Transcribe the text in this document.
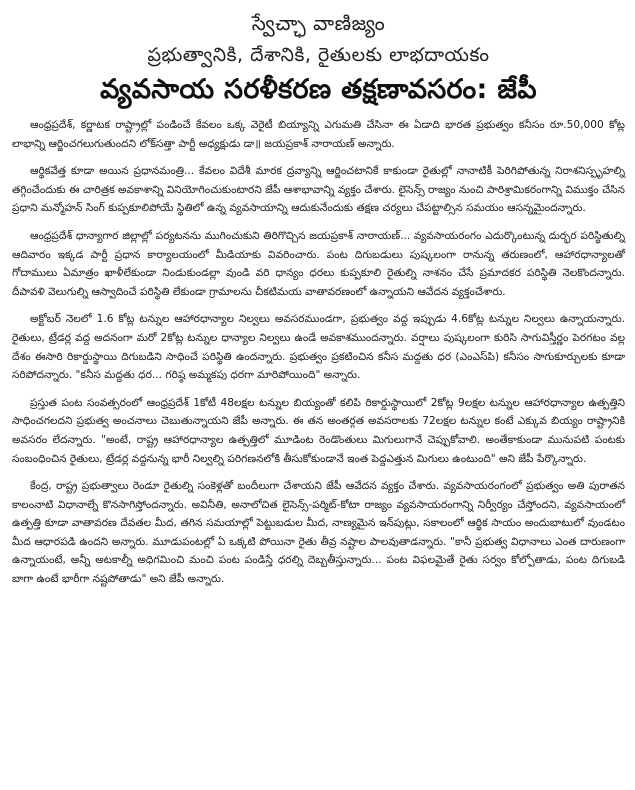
స్వేచ్ఛా వాణిజ్యం
ప్రభుత్వానికి, దేశానికి, రైతులకు లాభదాయకం
వ్యవసాయ సరళీకరణ తక్షణావసరం: జేపీ

ఆంధ్రప్రదేశ్, కర్ణాటక రాష్ట్రాల్లో పండించే కేవలం ఒక్క వెరైటీ బియ్యాన్ని ఎగుమతి చేసినా ఈ ఏడాది భారత ప్రభుత్వం కనీసం రూ.50,000 కోట్ల లాభాన్ని ఆర్జించగలుగుతుందని లోక్‌సత్తా పార్టీ అధ్యక్షుడు డా॥ జయప్రకాశ్ నారాయణ్ అన్నారు.

ఆర్థికవేత్త కూడా అయిన ప్రధానమంత్రి... కేవలం విదేశీ మారక ద్రవ్యాన్ని ఆర్జించటానికే కాకుండా రైతుల్లో నానాటికీ పెరిగిపోతున్న నిరాశనిస్పృహల్ని తగ్గించేందుకు ఈ చారిత్రక అవకాశాన్ని వినియోగించుకుంటారని జేపీ ఆశాభావాన్ని వ్యక్తం చేశారు. లైసెన్స్ రాజ్యం నుంచి పారిశ్రామికరంగాన్ని విముక్తం చేసిన ప్రధాని మన్మోహన్ సింగ్ కుప్పకూలిపోయే స్థితిలో ఉన్న వ్యవసాయాన్ని ఆదుకునేందుకు తక్షణ చర్యలు చేపట్టాల్సిన సమయం ఆసన్నమైందన్నారు.

ఆంధ్రప్రదేశ్ ధాన్యాగార జిల్లాల్లో పర్యటనను ముగించుకుని తిరిగొచ్చిన జయప్రకాశ్ నారాయణ్... వ్యవసాయరంగం ఎదుర్కొంటున్న దుర్భర పరిస్థితుల్ని ఆదివారం ఇక్కడ పార్టీ ప్రధాన కార్యాలయంలో మీడియాకు వివరించారు. పంట దిగుబడులు పుష్కలంగా రానున్న తరుణంలో, ఆహారధాన్యాలతో గోదాములు ఏమాత్రం ఖాళీలేకుండా నిండుకుండల్లా వుండి వరి ధాన్యం ధరలు కుప్పకూలి రైతుల్ని నాశనం చేసే ప్రమాదకర పరిస్థితి నెలకొందన్నారు. దీపావళి వెలుగుల్ని ఆస్వాదించే పరిస్థితి లేకుండా గ్రామాలను చీకటిమయ వాతావరణంలో ఉన్నాయని ఆవేదన వ్యక్తంచేశారు.

అక్టోబర్ నెలలో 1.6 కోట్ల టన్నుల ఆహారధాన్యాల నిల్వలు అవసరముండగా, ప్రభుత్వం వద్ద ఇప్పుడు 4.6కోట్ల టన్నుల నిల్వలు ఉన్నాయన్నారు. రైతులు, ట్రేడర్ల వద్ద అదనంగా మరో 2కోట్ల టన్నుల ధాన్యాల నిల్వలు ఉండే అవకాశముందన్నారు. వర్షాలు పుష్కలంగా కురిసి సాగువిస్తీర్ణం పెరగటం వల్ల దేశం ఈసారి రికార్డుస్థాయి దిగుబడిని సాధించే పరిస్థితి ఉందన్నారు. ప్రభుత్వం ప్రకటించిన కనీస మద్దతు ధర (ఎంఎస్‌పి) కనీసం సాగుకూర్చులకు కూడా సరిపోదన్నారు. "కనీస మద్దతు ధర... గరిష్ఠ అమ్మకపు ధరగా మారిపోయింది" అన్నారు.

ప్రస్తుత పంట సంవత్సరంలో ఆంధ్రప్రదేశ్ 1కోటీ 48లక్షల టన్నుల బియ్యంతో కలిపి రికార్డుస్థాయిలో 2కోట్ల 9లక్షల టన్నుల ఆహారధాన్యాల ఉత్పత్తిని సాధించగలదని ప్రభుత్వ అంచనాలు చెబుతున్నాయని జేపీ అన్నారు. ఈ తన అంతర్గత అవసరాలకు 72లక్షల టన్నుల కంటే ఎక్కువ బియ్యం రాష్ట్రానికి అవసరం లేదన్నారు. "అంటే, రాష్ట్ర ఆహారధాన్యాల ఉత్పత్తిలో మూడింట రెండొంతులు మిగులుగానే చెప్పుకోవాలి. అంతేకాకుండా మునుపటి పంటకు సంబంధించిన రైతులు, ట్రేడర్ల వద్దనున్న భారీ నిల్వల్ని పరిగణనలోకి తీసుకోకుండానే ఇంత పెద్దఎత్తున మిగులు ఉంటుంది" అని జేపీ పేర్కొన్నారు.

కేంద్ర, రాష్ట్ర ప్రభుత్వాలు రెండూ రైతుల్ని సంకెళ్లతో బందీలుగా చేశాయని జేపీ ఆవేదన వ్యక్తం చేశారు. వ్యవసాయరంగంలో ప్రభుత్వం అతి పురాతన కాలంనాటి విధానాల్నే కొనసాగిస్తోందన్నారు. అవినీతి, అనాలోచిత లైసెన్స్-పర్మిట్-కోటా రాజ్యం వ్యవసాయరంగాన్ని నిర్వీర్యం చేస్తోందని, వ్యవసాయంలో ఉత్పత్తి కూడా వాతావరణ దేవతల మీద, తగిన సమయాల్లో పెట్టుబడుల మీద, నాణ్యమైన ఇన్‌పుట్లు, సకాలంలో ఆర్థిక సాయం అందుబాటులో వుండటం మీద ఆధారపడి ఉందని అన్నారు. మూడుపంటల్లో ఏ ఒక్కటి పోయినా రైతు తీవ్ర నష్టాల పాలవుతాడన్నారు. "కానీ ప్రభుత్వ విధానాలు ఎంత దారుణంగా ఉన్నాయంటే, అన్నీ అటకాల్నీ అధిగమించి మంచి పంట పండిస్తే ధరల్ని దెబ్బతీస్తున్నారు... పంట విఫలమైతే రైతు సర్వం కోల్పోతాడు, పంట దిగుబడి బాగా ఉంటే భారీగా నష్టపోతాడు" అని జేపీ అన్నారు.
